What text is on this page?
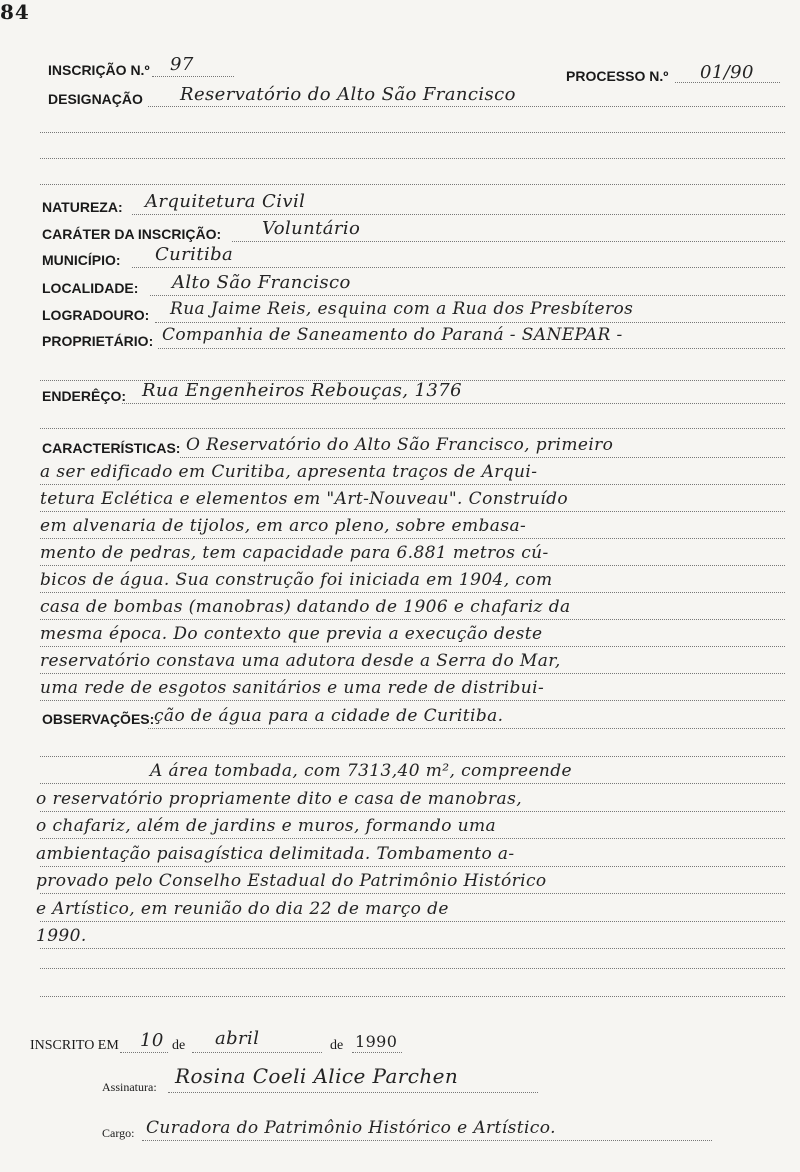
84
INSCRIÇÃO N.º 97
PROCESSO N.º 01/90
DESIGNAÇÃO Reservatório do Alto São Francisco
NATUREZA: Arquitetura Civil
CARÁTER DA INSCRIÇÃO: Voluntário
MUNICÍPIO: Curitiba
LOCALIDADE: Alto São Francisco
LOGRADOURO: Rua Jaime Reis, esquina com a Rua dos Presbíteros
PROPRIETÁRIO: Companhia de Saneamento do Paraná - SANEPAR -
ENDERÊÇO: Rua Engenheiros Rebouças, 1376
CARACTERÍSTICAS: O Reservatório do Alto São Francisco, primeiro
a ser edificado em Curitiba, apresenta traços de Arqui-
tetura Eclética e elementos em "Art-Nouveau". Construído
em alvenaria de tijolos, em arco pleno, sobre embasa-
mento de pedras, tem capacidade para 6.881 metros cú-
bicos de água. Sua construção foi iniciada em 1904, com
casa de bombas (manobras) datando de 1906 e chafariz da
mesma época. Do contexto que previa a execução deste
reservatório constava uma adutora desde a Serra do Mar,
uma rede de esgotos sanitários e uma rede de distribui-
OBSERVAÇÕES: ção de água para a cidade de Curitiba.
A área tombada, com 7313,40 m², compreende
o reservatório propriamente dito e casa de manobras,
o chafariz, além de jardins e muros, formando uma
ambientação paisagística delimitada. Tombamento a-
provado pelo Conselho Estadual do Patrimônio Histórico
e Artístico, em reunião do dia 22 de março de
1990.
INSCRITO EM 10 de abril	de 1990
Assinatura: Rosina Coeli Alice Parchen
Cargo: Curadora do Patrimônio Histórico e Artístico.
